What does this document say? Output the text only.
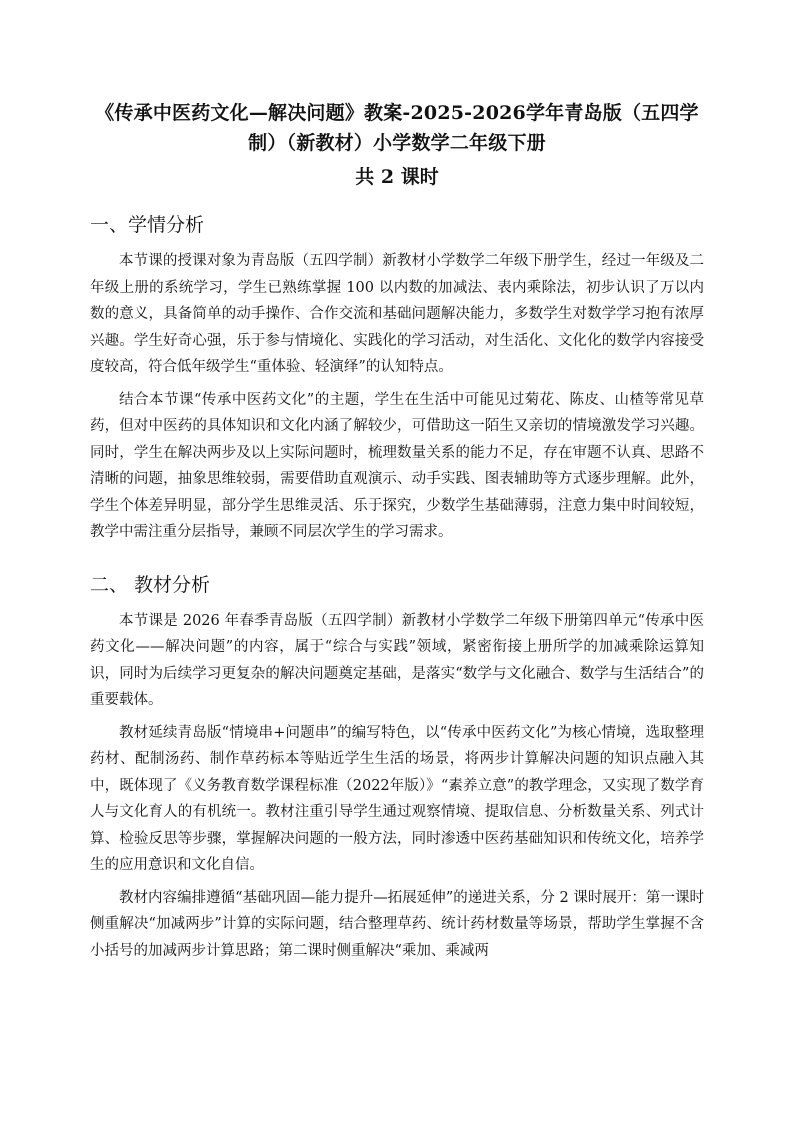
《传承中医药文化—解决问题》教案-2025-2026学年青岛版（五四学制）（新教材）小学数学二年级下册
共 2 课时
一、学情分析

本节课的授课对象为青岛版（五四学制）新教材小学数学二年级下册学生，经过一年级及二年级上册的系统学习，学生已熟练掌握 100 以内数的加减法、表内乘除法，初步认识了万以内数的意义，具备简单的动手操作、合作交流和基础问题解决能力，多数学生对数学学习抱有浓厚兴趣。学生好奇心强，乐于参与情境化、实践化的学习活动，对生活化、文化化的数学内容接受度较高，符合低年级学生“重体验、轻演绎”的认知特点。

结合本节课“传承中医药文化”的主题，学生在生活中可能见过菊花、陈皮、山楂等常见草药，但对中医药的具体知识和文化内涵了解较少，可借助这一陌生又亲切的情境激发学习兴趣。同时，学生在解决两步及以上实际问题时，梳理数量关系的能力不足，存在审题不认真、思路不清晰的问题，抽象思维较弱，需要借助直观演示、动手实践、图表辅助等方式逐步理解。此外，学生个体差异明显，部分学生思维灵活、乐于探究，少数学生基础薄弱，注意力集中时间较短，教学中需注重分层指导，兼顾不同层次学生的学习需求。

二、 教材分析

本节课是 2026 年春季青岛版（五四学制）新教材小学数学二年级下册第四单元“传承中医药文化——解决问题”的内容，属于“综合与实践”领域，紧密衔接上册所学的加减乘除运算知识，同时为后续学习更复杂的解决问题奠定基础，是落实“数学与文化融合、数学与生活结合”的重要载体。

教材延续青岛版“情境串+问题串”的编写特色，以“传承中医药文化”为核心情境，选取整理药材、配制汤药、制作草药标本等贴近学生生活的场景，将两步计算解决问题的知识点融入其中，既体现了《义务教育数学课程标准（2022年版）》“素养立意”的教学理念，又实现了数学育人与文化育人的有机统一。教材注重引导学生通过观察情境、提取信息、分析数量关系、列式计算、检验反思等步骤，掌握解决问题的一般方法，同时渗透中医药基础知识和传统文化，培养学生的应用意识和文化自信。

教材内容编排遵循“基础巩固—能力提升—拓展延伸”的递进关系，分 2 课时展开：第一课时侧重解决“加减两步”计算的实际问题，结合整理草药、统计药材数量等场景，帮助学生掌握不含小括号的加减两步计算思路；第二课时侧重解决“乘加、乘减两
